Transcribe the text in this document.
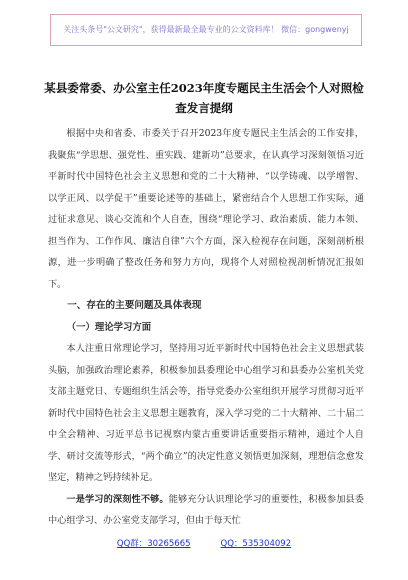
关注头条号"公文研究"，获得最新最全最专业的公文资料库！ 微信：gongwenyj
某县委常委、办公室主任2023年度专题民主生活会个人对照检
查发言提纲

根据中央和省委、市委关于召开2023年度专题民主生活会的工作安排，我聚焦“学思想、强党性、重实践、建新功”总要求，在认真学习深刻领悟习近平新时代中国特色社会主义思想和党的二十大精神、“以学铸魂、以学增智、以学正风、以学促干”重要论述等的基础上，紧密结合个人思想工作实际，通过征求意见、谈心交流和个人自查，围绕“理论学习、政治素质、能力本领、担当作为、工作作风、廉洁自律”六个方面，深入检视存在问题，深刻剖析根源，进一步明确了整改任务和努力方向，现将个人对照检视剖析情况汇报如下。

一、存在的主要问题及具体表现

（一）理论学习方面

本人注重日常理论学习，坚持用习近平新时代中国特色社会主义思想武装头脑，加强政治理论素养，积极参加县委理论中心组学习和县委办公室机关党支部主题党日、专题组织生活会等，指导党委办公室组织开展学习贯彻习近平新时代中国特色社会主义思想主题教育，深入学习党的二十大精神、二十届二中全会精神、习近平总书记视察内蒙古重要讲话重要指示精神，通过个人自学、研讨交流等形式，“两个确立”的决定性意义领悟更加深刻，理想信念愈发坚定，精神之钙持续补足。

一是学习的深刻性不够。能够充分认识理论学习的重要性，积极参加县委中心组学习、办公室党支部学习，但由于每天忙

QQ群：30265665	QQ：535304092
